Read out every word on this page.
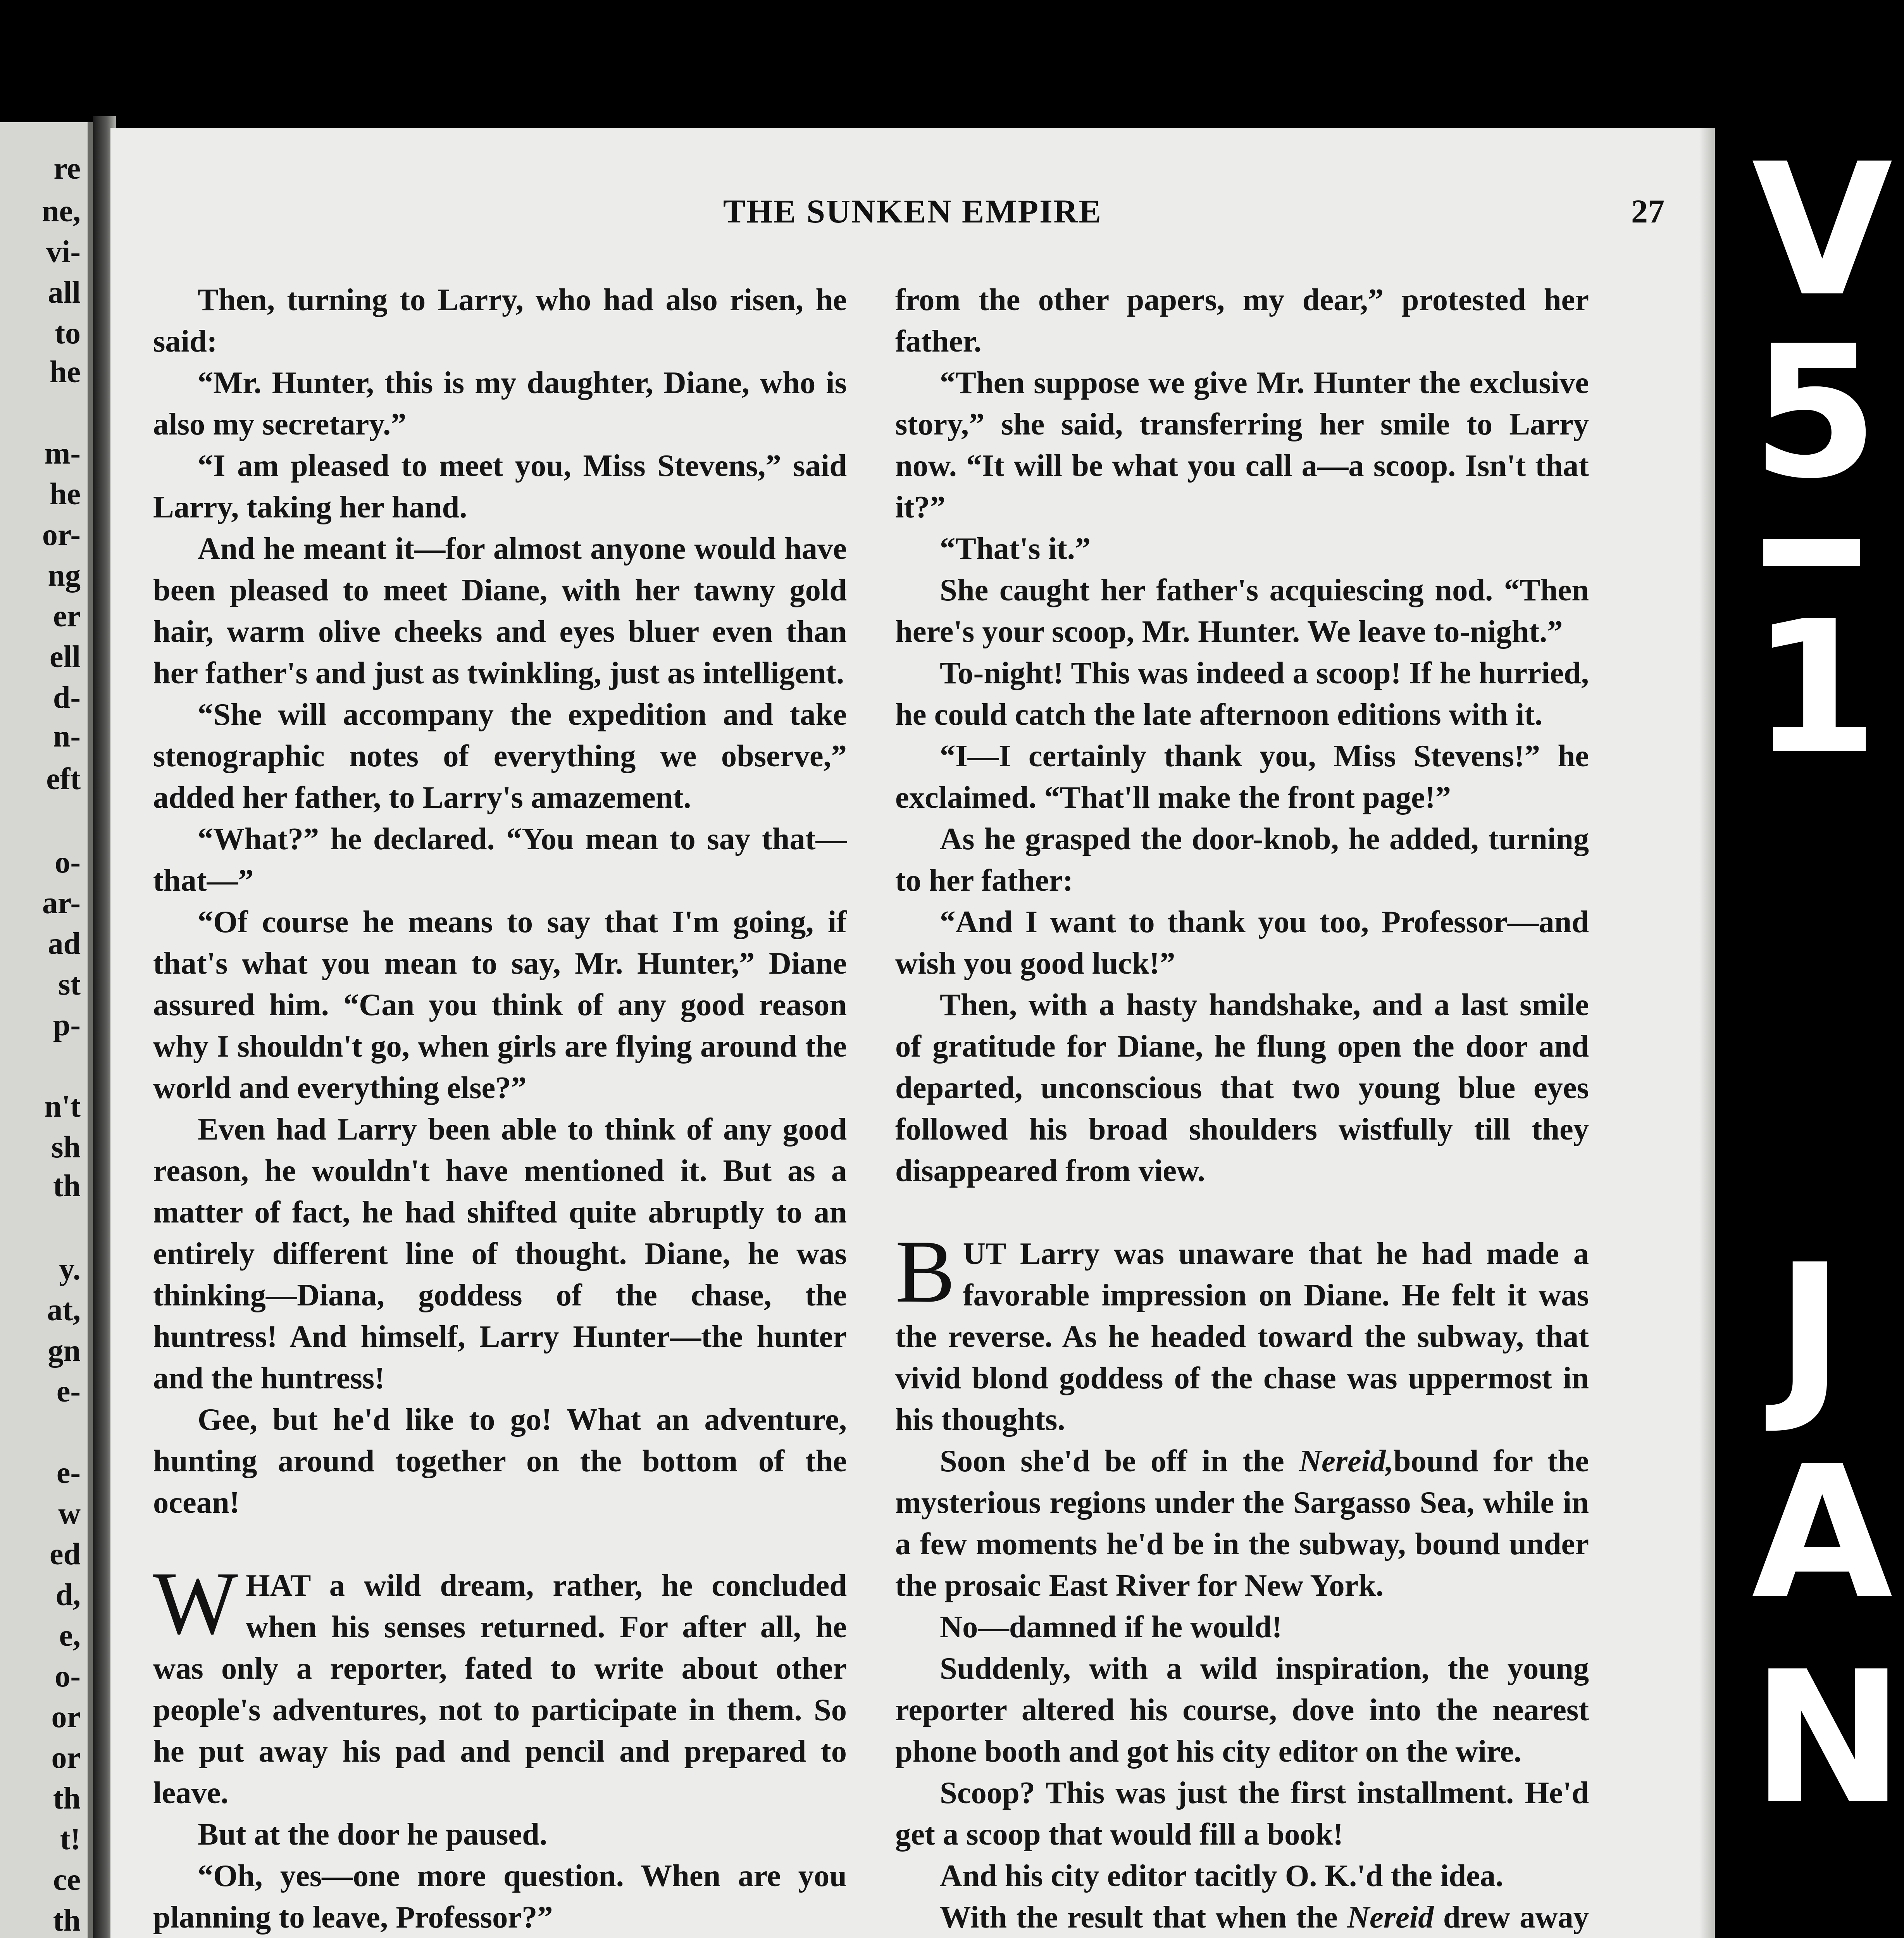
re
ne,
vi-
all
to
he
m-
he
or-
ng
er
ell
d-
n-
eft
o-
ar-
ad
st
p-
n't
sh
th
y.
at,
gn
e-
e-
w
ed
d,
e,
o-
or
or
th
t!
ce
th
THE SUNKEN EMPIRE	27

Then, turning to Larry, who had also risen, he said:

“Mr. Hunter, this is my daughter, Diane, who is also my secretary.”

“I am pleased to meet you, Miss Stevens,” said Larry, taking her hand.

And he meant it—for almost anyone would have been pleased to meet Diane, with her tawny gold hair, warm olive cheeks and eyes bluer even than her father's and just as twinkling, just as intelligent.

“She will accompany the expedition and take stenographic notes of everything we observe,” added her father, to Larry's amazement.

“What?” he declared. “You mean to say that—that—”

“Of course he means to say that I'm going, if that's what you mean to say, Mr. Hunter,” Diane assured him. “Can you think of any good reason why I shouldn't go, when girls are flying around the world and everything else?”

Even had Larry been able to think of any good reason, he wouldn't have mentioned it. But as a matter of fact, he had shifted quite abruptly to an entirely different line of thought. Diane, he was thinking—Diana, goddess of the chase, the huntress! And himself, Larry Hunter—the hunter and the huntress!

Gee, but he'd like to go! What an adventure, hunting around together on the bottom of the ocean!

WHAT a wild dream, rather, he concluded when his senses returned. For after all, he was only a reporter, fated to write about other people's adventures, not to participate in them. So he put away his pad and pencil and prepared to leave.

But at the door he paused.

“Oh, yes—one more question. When are you planning to leave, Professor?”

from the other papers, my dear,” protested her father.

“Then suppose we give Mr. Hunter the exclusive story,” she said, transferring her smile to Larry now. “It will be what you call a—a scoop. Isn't that it?”

“That's it.”

She caught her father's acquiescing nod. “Then here's your scoop, Mr. Hunter. We leave to-night.”

To-night! This was indeed a scoop! If he hurried, he could catch the late afternoon editions with it.

“I—I certainly thank you, Miss Stevens!” he exclaimed. “That'll make the front page!”

As he grasped the door-knob, he added, turning to her father:

“And I want to thank you too, Professor—and wish you good luck!”

Then, with a hasty handshake, and a last smile of gratitude for Diane, he flung open the door and departed, unconscious that two young blue eyes followed his broad shoulders wistfully till they disappeared from view.

BUT Larry was unaware that he had made a favorable impression on Diane. He felt it was the reverse. As he headed toward the subway, that vivid blond goddess of the chase was uppermost in his thoughts.

Soon she'd be off in the Nereid,bound for the mysterious regions under the Sargasso Sea, while in a few moments he'd be in the subway, bound under the prosaic East River for New York.

No—damned if he would!

Suddenly, with a wild inspiration, the young reporter altered his course, dove into the nearest phone booth and got his city editor on the wire.

Scoop? This was just the first installment. He'd get a scoop that would fill a book!

And his city editor tacitly O. K.'d the idea.

With the result that when the Nereid drew away

V
5
1
J
A
N
